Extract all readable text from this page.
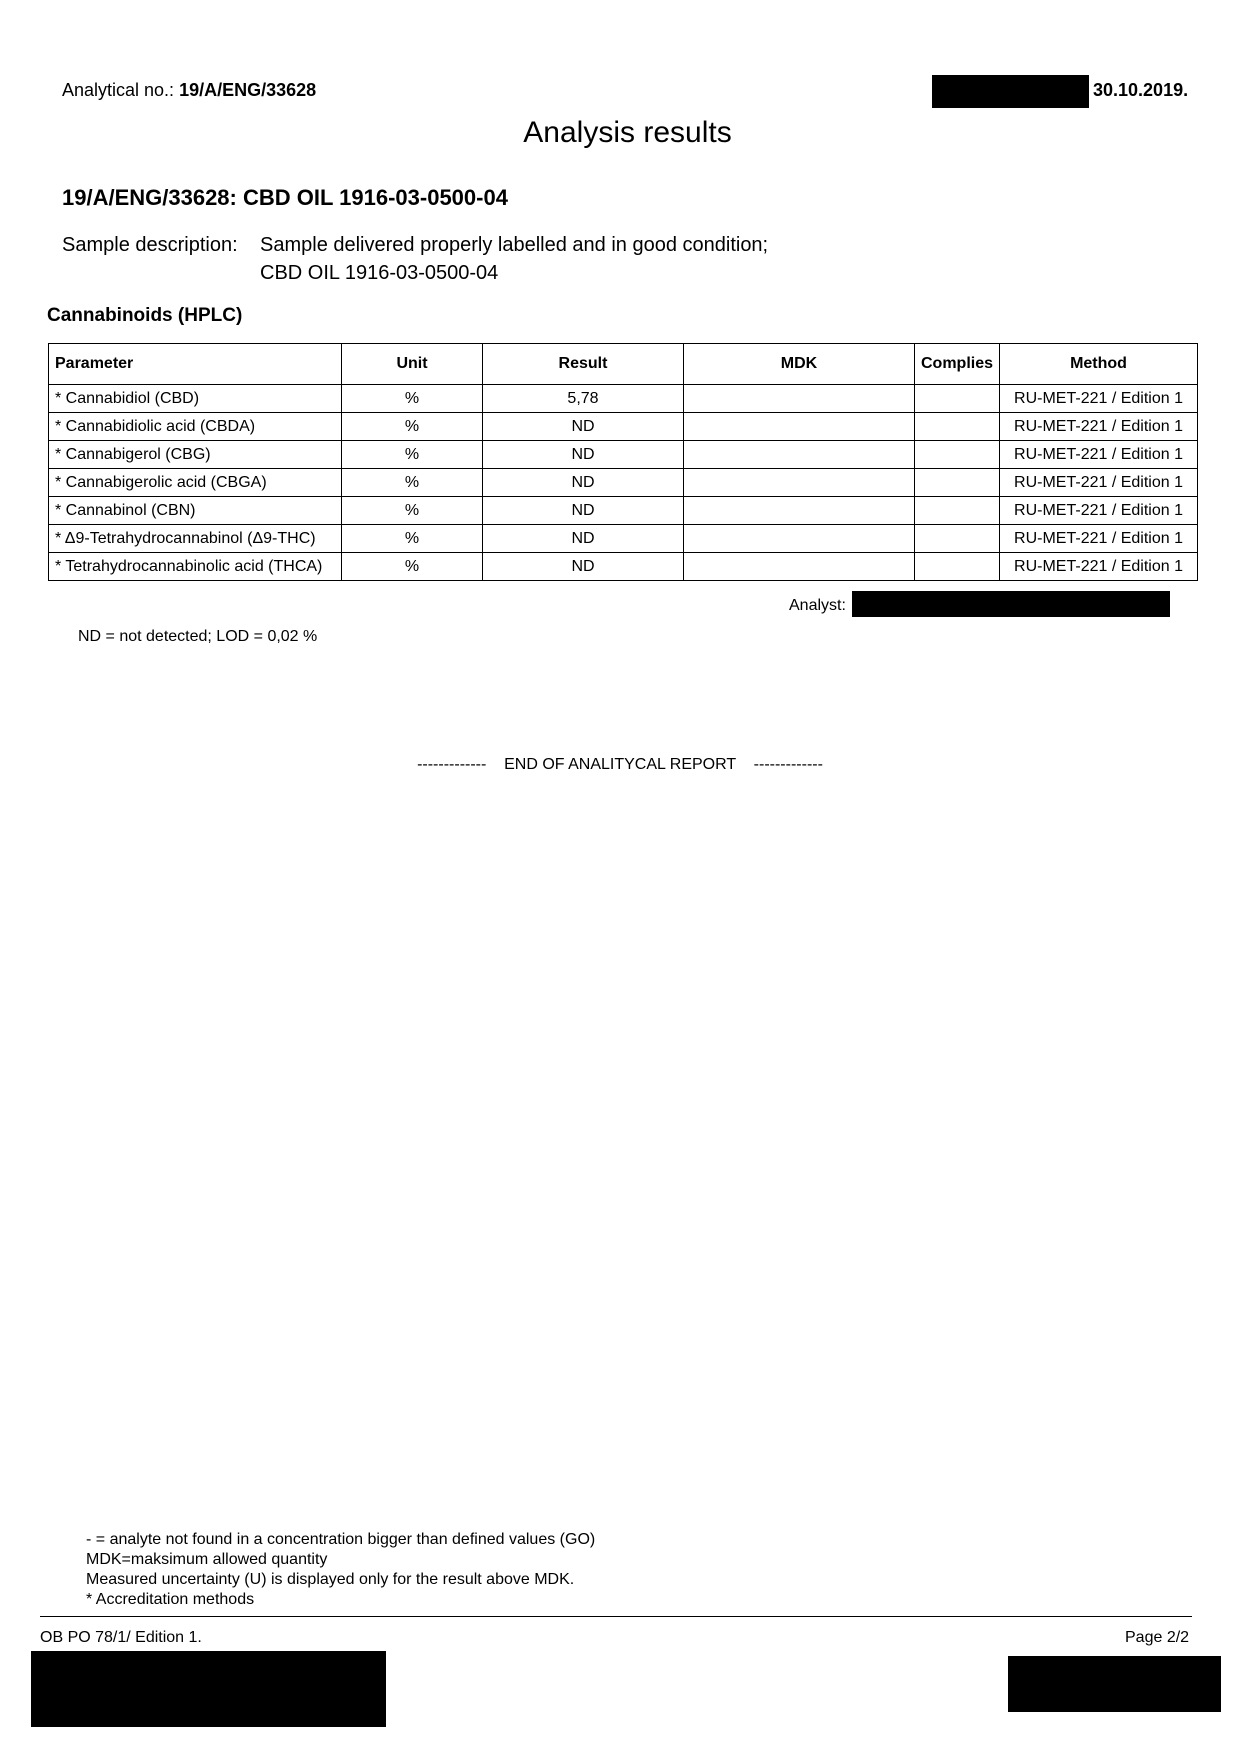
Analytical no.: 19/A/ENG/33628	30.10.2019.
Analysis results
19/A/ENG/33628: CBD OIL 1916-03-0500-04
Sample description: Sample delivered properly labelled and in good condition;
CBD OIL 1916-03-0500-04
Cannabinoids (HPLC)
Parameter	Unit	Result	MDK	Complies	Method
* Cannabidiol (CBD)	%	5,78			RU-MET-221 / Edition 1
* Cannabidiolic acid (CBDA)	%	ND			RU-MET-221 / Edition 1
* Cannabigerol (CBG)	%	ND			RU-MET-221 / Edition 1
* Cannabigerolic acid (CBGA)	%	ND			RU-MET-221 / Edition 1
* Cannabinol (CBN)	%	ND			RU-MET-221 / Edition 1
* Δ9-Tetrahydrocannabinol (Δ9-THC)	%	ND			RU-MET-221 / Edition 1
* Tetrahydrocannabinolic acid (THCA)	%	ND			RU-MET-221 / Edition 1
Analyst:
ND = not detected; LOD = 0,02 %
-------------    END OF ANALITYCAL REPORT    -------------
- = analyte not found in a concentration bigger than defined values (GO)
MDK=maksimum allowed quantity
Measured uncertainty (U) is displayed only for the result above MDK.
* Accreditation methods
OB PO 78/1/ Edition 1.	Page 2/2
